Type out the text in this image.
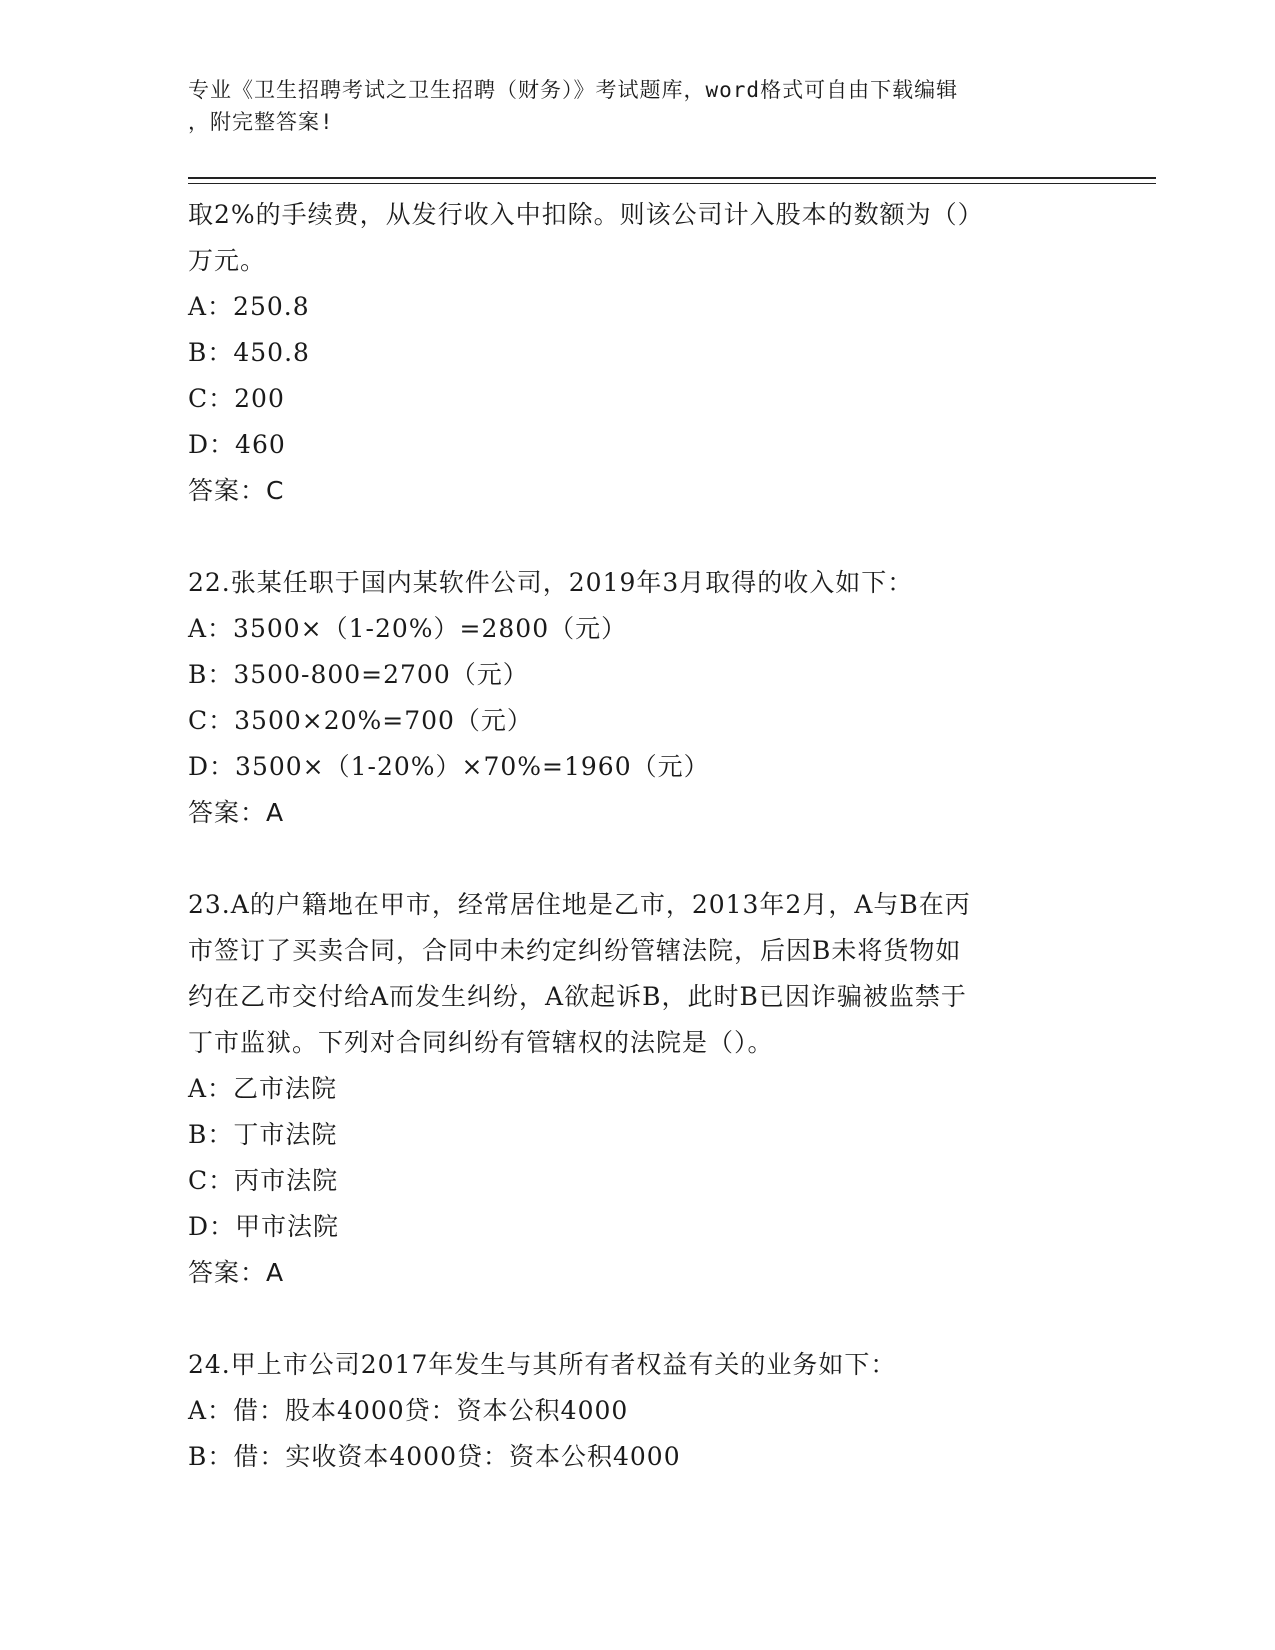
专业《卫生招聘考试之卫生招聘（财务）》考试题库，word格式可自由下载编辑
，附完整答案!
取2%的手续费，从发行收入中扣除。则该公司计入股本的数额为（）
万元。
A：250.8
B：450.8
C：200
D：460
答案：C
22.张某任职于国内某软件公司，2019年3月取得的收入如下：
A：3500×（1-20%）=2800（元）
B：3500-800=2700（元）
C：3500×20%=700（元）
D：3500×（1-20%）×70%=1960（元）
答案：A
23.A的户籍地在甲市，经常居住地是乙市，2013年2月，A与B在丙
市签订了买卖合同，合同中未约定纠纷管辖法院，后因B未将货物如
约在乙市交付给A而发生纠纷，A欲起诉B，此时B已因诈骗被监禁于
丁市监狱。下列对合同纠纷有管辖权的法院是（）。
A：乙市法院
B：丁市法院
C：丙市法院
D：甲市法院
答案：A
24.甲上市公司2017年发生与其所有者权益有关的业务如下：
A：借：股本4000贷：资本公积4000
B：借：实收资本4000贷：资本公积4000
